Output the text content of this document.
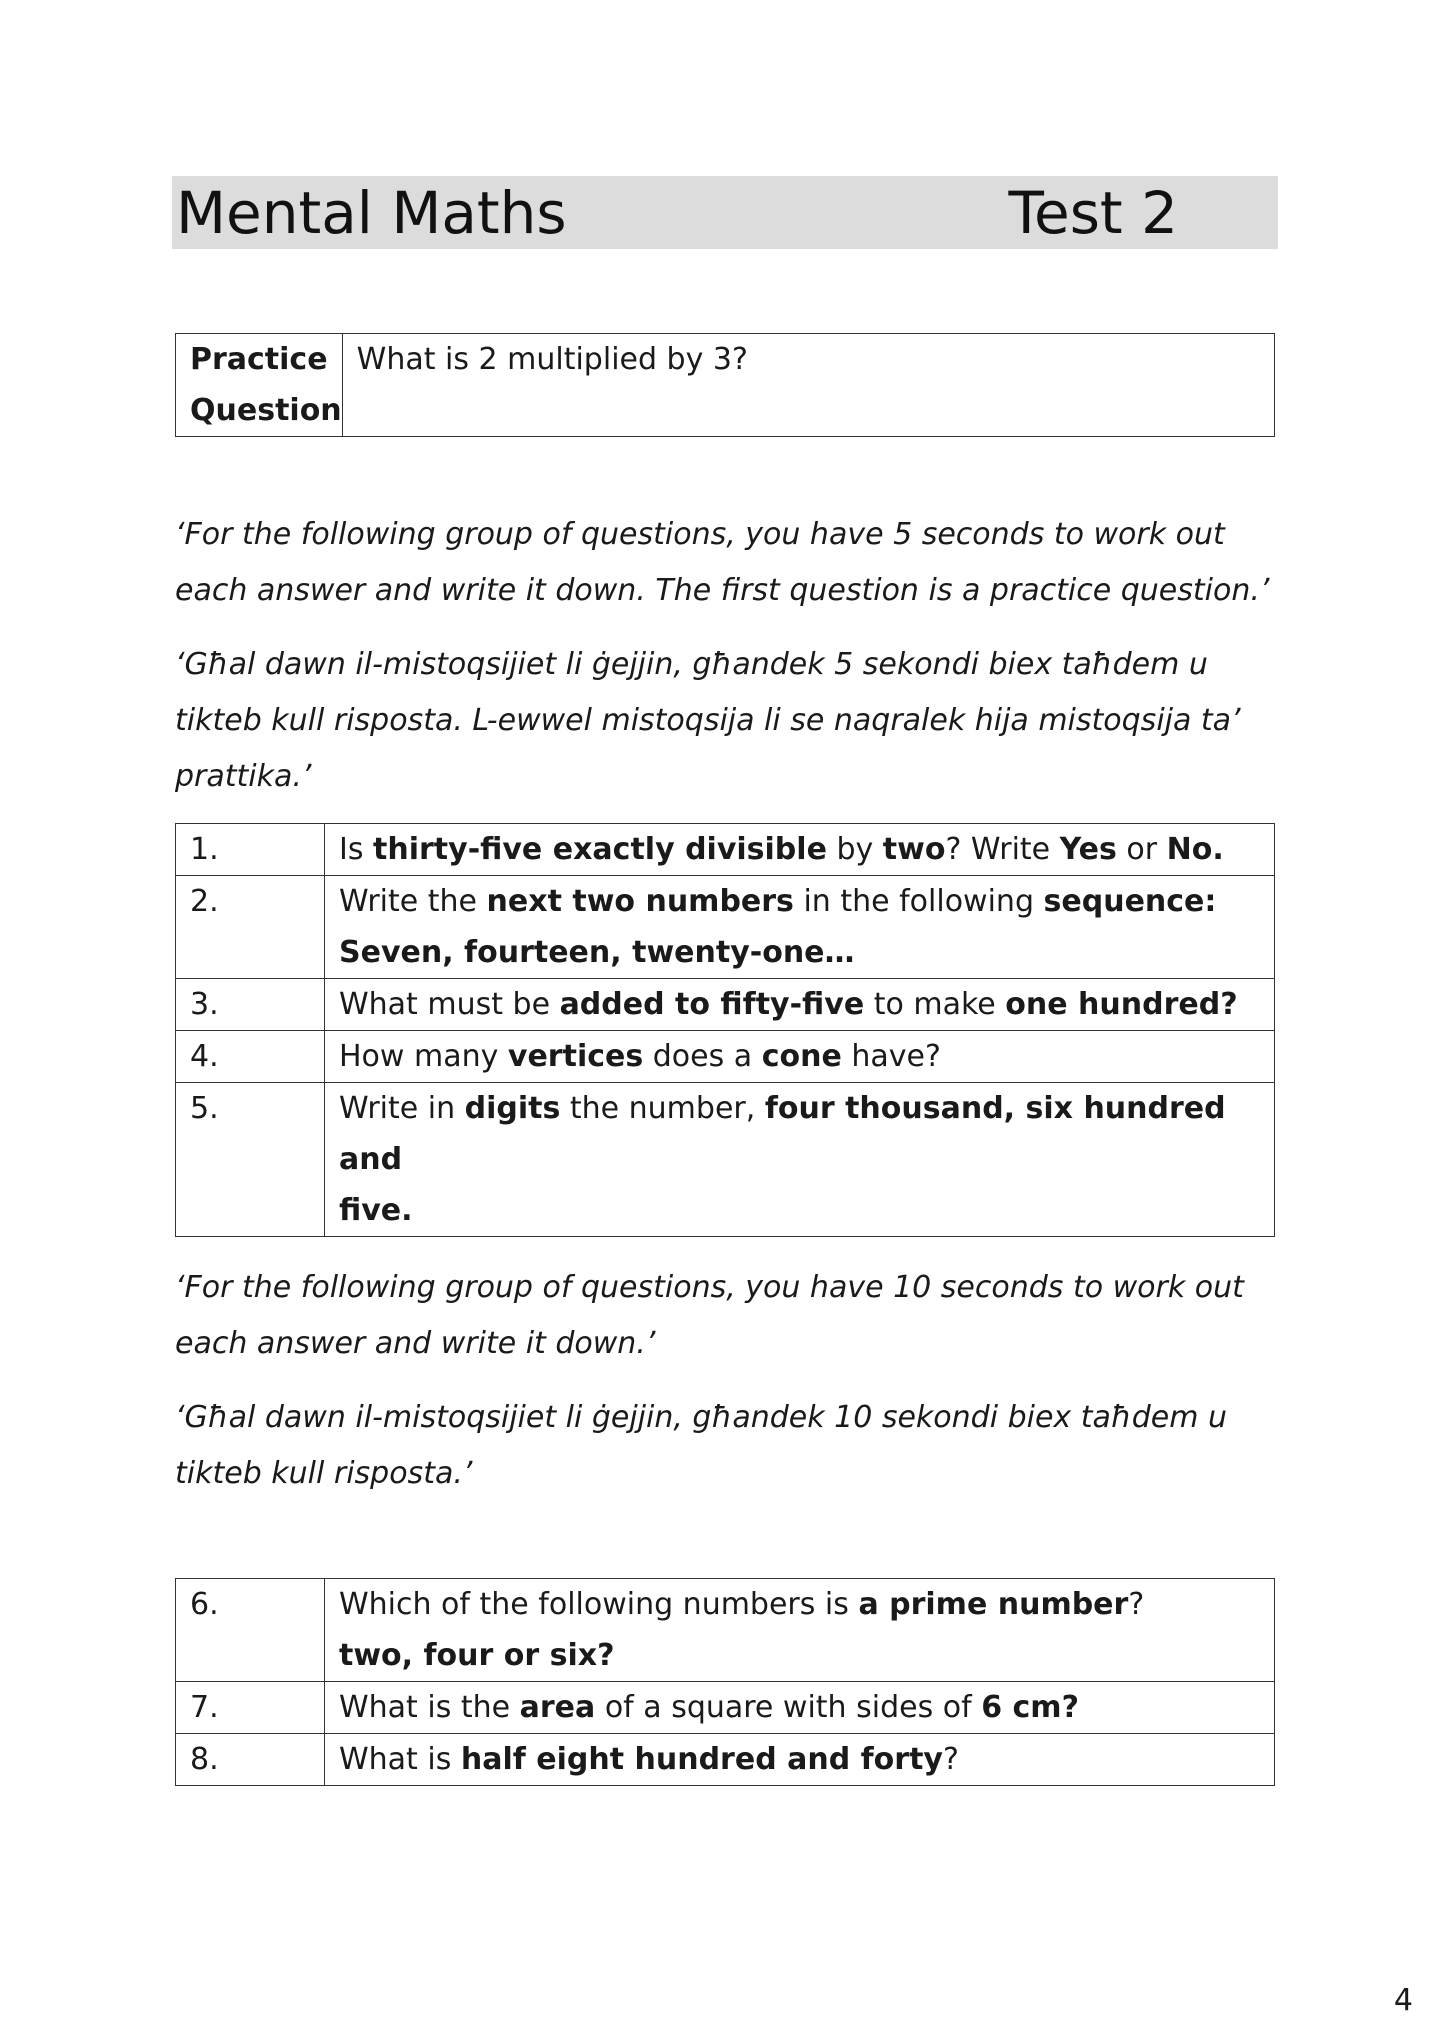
Mental Maths	Test 2
Practice
Question	What is 2 multiplied by 3?
‘For the following group of questions, you have 5 seconds to work out each answer and write it down. The first question is a practice question.’
‘Għal dawn il-mistoqsijiet li ġejjin, għandek 5 sekondi biex taħdem u tikteb kull risposta. L-ewwel mistoqsija li se naqralek hija mistoqsija ta’ prattika.’
1.	Is thirty-five exactly divisible by two? Write Yes or No.
2.	Write the next two numbers in the following sequence:
Seven, fourteen, twenty-one…
3.	What must be added to fifty-five to make one hundred?
4.	How many vertices does a cone have?
5.	Write in digits the number, four thousand, six hundred and
five.
‘For the following group of questions, you have 10 seconds to work out each answer and write it down.’
‘Għal dawn il-mistoqsijiet li ġejjin, għandek 10 sekondi biex taħdem u tikteb kull risposta.’
6.	Which of the following numbers is a prime number?
two, four or six?
7.	What is the area of a square with sides of 6 cm?
8.	What is half eight hundred and forty?
4
